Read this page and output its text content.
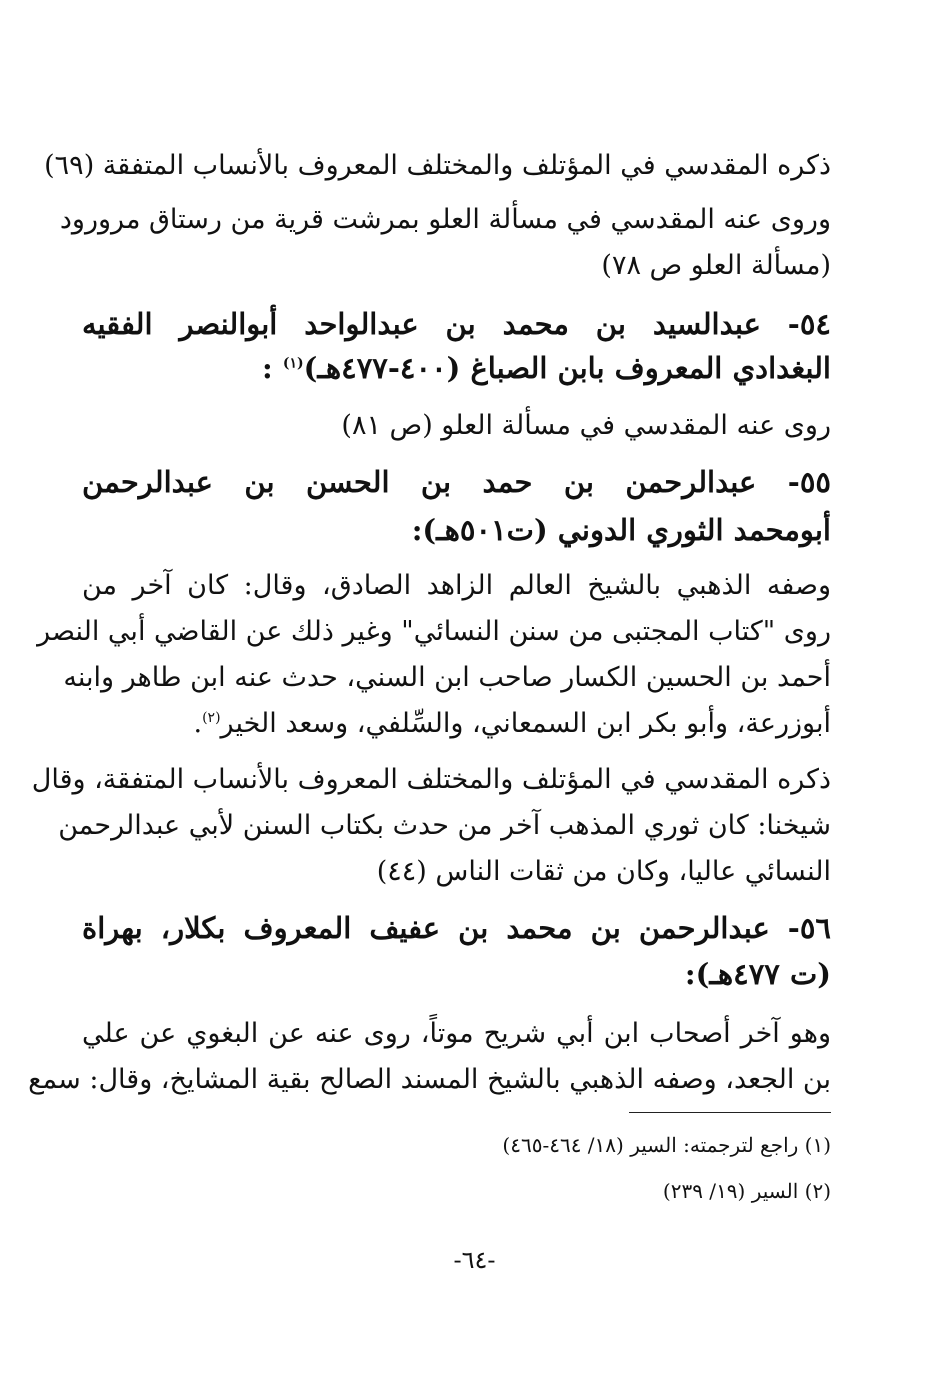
ذكره المقدسي في المؤتلف والمختلف المعروف بالأنساب المتفقة (٦٩)
وروى عنه المقدسي في مسألة العلو بمرشت قرية من رستاق مرورود
(مسألة العلو ص ٧٨)
٥٤- عبدالسيد بن محمد بن عبدالواحد أبوالنصر الفقيه
البغدادي المعروف بابن الصباغ (٤٠٠-٤٧٧هـ)$^{(١)}$ :
روى عنه المقدسي في مسألة العلو (ص ٨١)
٥٥- عبدالرحمن بن حمد بن الحسن بن عبدالرحمن
أبومحمد الثوري الدوني (ت٥٠١هـ):
وصفه الذهبي بالشيخ العالم الزاهد الصادق، وقال: كان آخر من
روى "كتاب المجتبى من سنن النسائي" وغير ذلك عن القاضي أبي النصر
أحمد بن الحسين الكسار صاحب ابن السني، حدث عنه ابن طاهر وابنه
أبوزرعة، وأبو بكر ابن السمعاني، والسِّلفي، وسعد الخير$^{(٢)}$.
ذكره المقدسي في المؤتلف والمختلف المعروف بالأنساب المتفقة، وقال
شيخنا: كان ثوري المذهب آخر من حدث بكتاب السنن لأبي عبدالرحمن
النسائي عاليا، وكان من ثقات الناس (٤٤)
٥٦- عبدالرحمن بن محمد بن عفيف المعروف بكلار، بهراة
(ت ٤٧٧هـ):
وهو آخر أصحاب ابن أبي شريح موتاً، روى عنه عن البغوي عن علي
بن الجعد، وصفه الذهبي بالشيخ المسند الصالح بقية المشايخ، وقال: سمع
(١) راجع لترجمته: السير (١٨/ ٤٦٤-٤٦٥)
(٢) السير (١٩/ ٢٣٩)
-٦٤-
